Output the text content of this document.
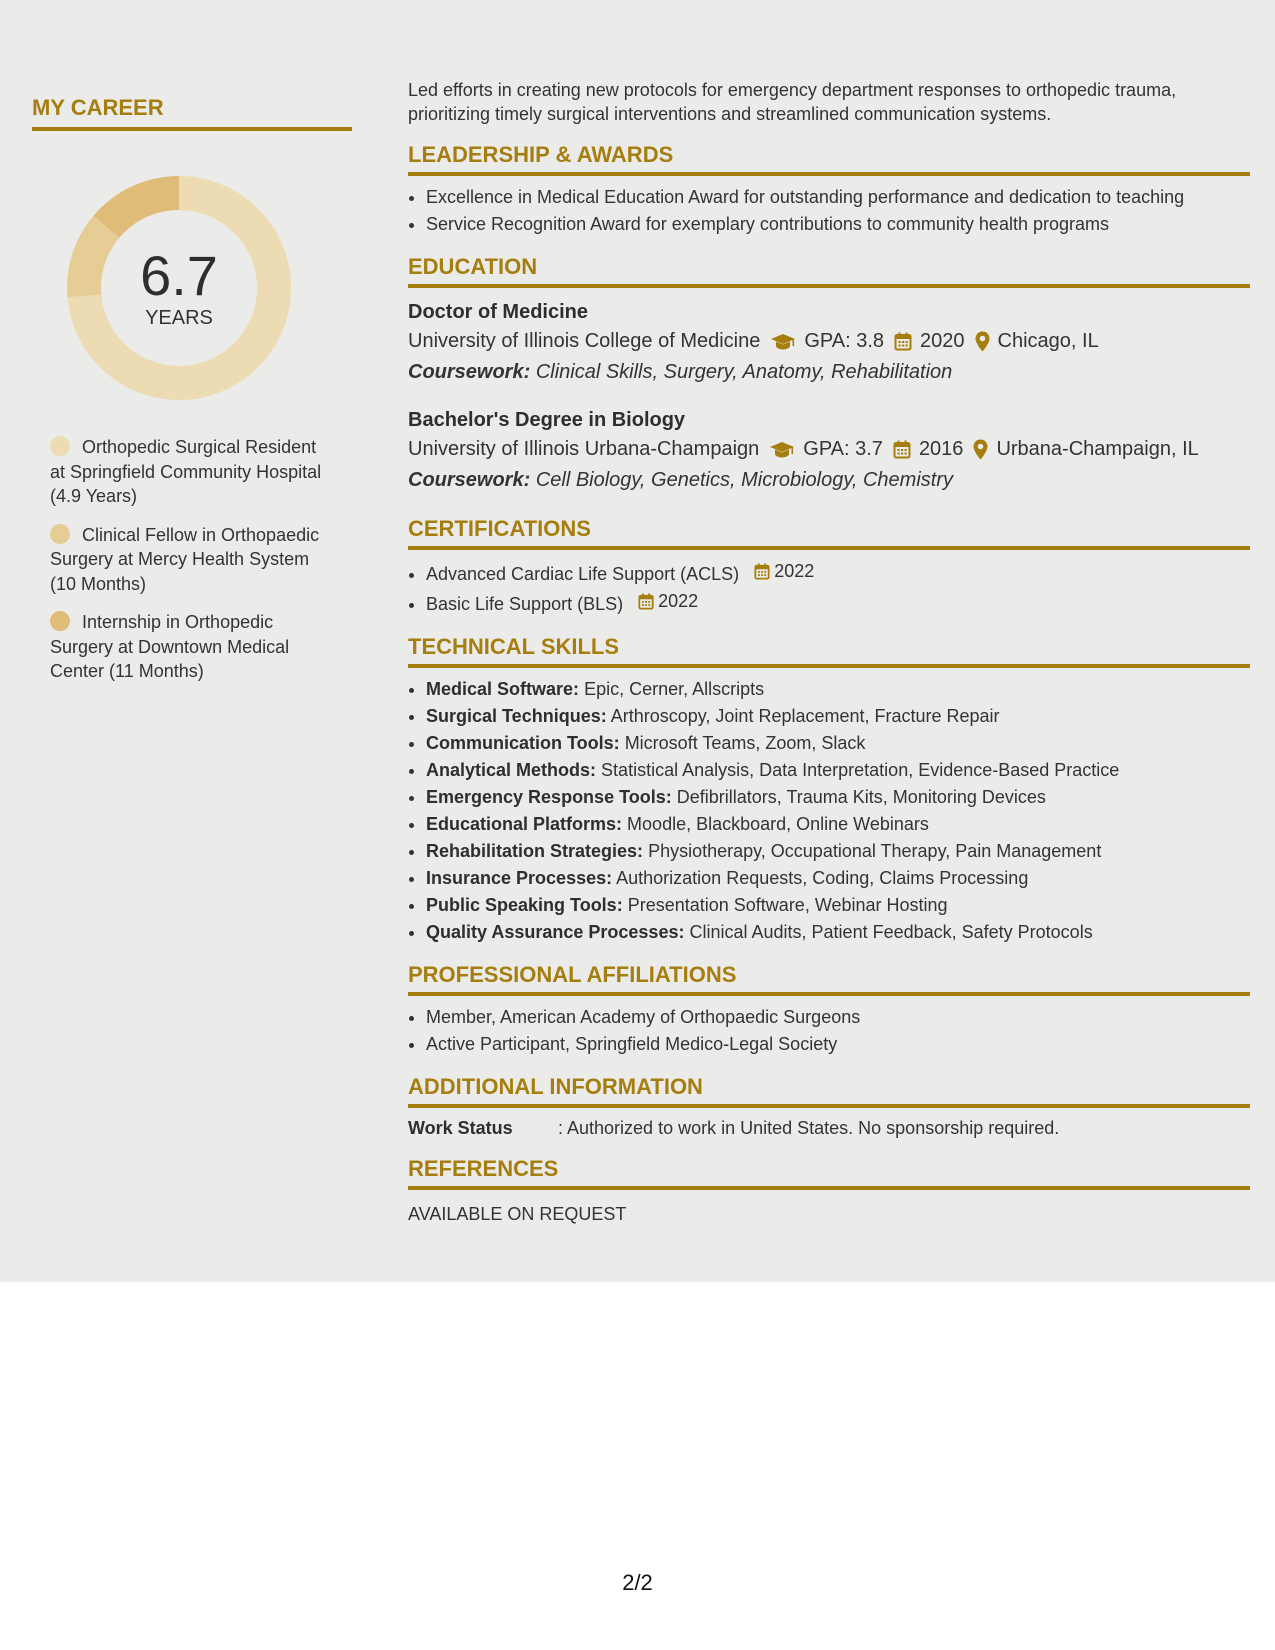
MY CAREER
6.7
YEARS
Orthopedic Surgical Resident at Springfield Community Hospital (4.9 Years)
Clinical Fellow in Orthopaedic Surgery at Mercy Health System (10 Months)
Internship in Orthopedic Surgery at Downtown Medical Center (11 Months)

Led efforts in creating new protocols for emergency department responses to orthopedic trauma, prioritizing timely surgical interventions and streamlined communication systems.

LEADERSHIP & AWARDS
• Excellence in Medical Education Award for outstanding performance and dedication to teaching
• Service Recognition Award for exemplary contributions to community health programs
EDUCATION
Doctor of Medicine
University of Illinois College of Medicine GPA: 3.8 2020 Chicago, IL
Coursework: Clinical Skills, Surgery, Anatomy, Rehabilitation
Bachelor's Degree in Biology
University of Illinois Urbana-Champaign GPA: 3.7 2016 Urbana-Champaign, IL
Coursework: Cell Biology, Genetics, Microbiology, Chemistry
CERTIFICATIONS
• Advanced Cardiac Life Support (ACLS) 2022
• Basic Life Support (BLS) 2022
TECHNICAL SKILLS
• Medical Software: Epic, Cerner, Allscripts
• Surgical Techniques: Arthroscopy, Joint Replacement, Fracture Repair
• Communication Tools: Microsoft Teams, Zoom, Slack
• Analytical Methods: Statistical Analysis, Data Interpretation, Evidence-Based Practice
• Emergency Response Tools: Defibrillators, Trauma Kits, Monitoring Devices
• Educational Platforms: Moodle, Blackboard, Online Webinars
• Rehabilitation Strategies: Physiotherapy, Occupational Therapy, Pain Management
• Insurance Processes: Authorization Requests, Coding, Claims Processing
• Public Speaking Tools: Presentation Software, Webinar Hosting
• Quality Assurance Processes: Clinical Audits, Patient Feedback, Safety Protocols
PROFESSIONAL AFFILIATIONS
• Member, American Academy of Orthopaedic Surgeons
• Active Participant, Springfield Medico-Legal Society
ADDITIONAL INFORMATION
Work Status	: Authorized to work in United States. No sponsorship required.
REFERENCES
AVAILABLE ON REQUEST
2/2
